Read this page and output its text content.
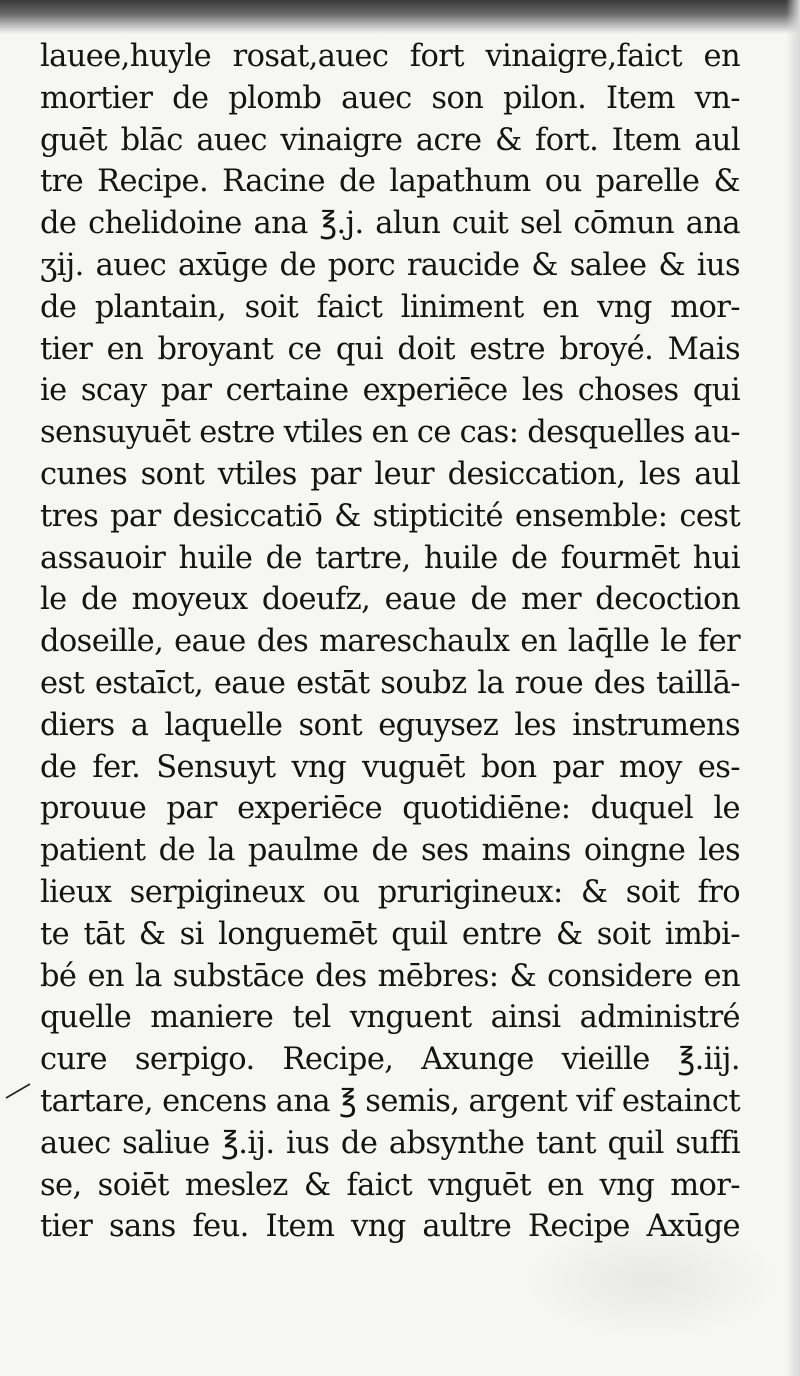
lauee,huyle rosat,auec fort vinaigre,faict en
mortier de plomb auec son pilon. Item vn-
guēt blāc auec vinaigre acre & fort. Item aul
tre Recipe. Racine de lapathum ou parelle &
de chelidoine ana ℥.j. alun cuit sel cōmun ana
ʒij. auec axūge de porc raucide & salee & ius
de plantain, soit faict liniment en vng mor-
tier en broyant ce qui doit estre broyé. Mais
ie scay par certaine experiēce les choses qui
sensuyuēt estre vtiles en ce cas: desquelles au-
cunes sont vtiles par leur desiccation, les aul
tres par desiccatiō & stipticité ensemble: cest
assauoir huile de tartre, huile de fourmēt hui
le de moyeux doeufz, eaue de mer decoction
doseille, eaue des mareschaulx en laq̄lle le fer
est estaīct, eaue estāt soubz la roue des taillā-
diers a laquelle sont eguysez les instrumens
de fer. Sensuyt vng vuguēt bon par moy es-
prouue par experiēce quotidiēne: duquel le
patient de la paulme de ses mains oingne les
lieux serpigineux ou prurigineux: & soit fro
te tāt & si longuemēt quil entre & soit imbi-
bé en la substāce des mēbres: & considere en
quelle maniere tel vnguent ainsi administré
cure serpigo. Recipe, Axunge vieille ℥.iij.
tartare, encens ana ℥ semis, argent vif estainct
auec saliue ℥.ij. ius de absynthe tant quil suffi
se, soiēt meslez & faict vnguēt en vng mor-
tier sans feu. Item vng aultre Recipe Axūge
